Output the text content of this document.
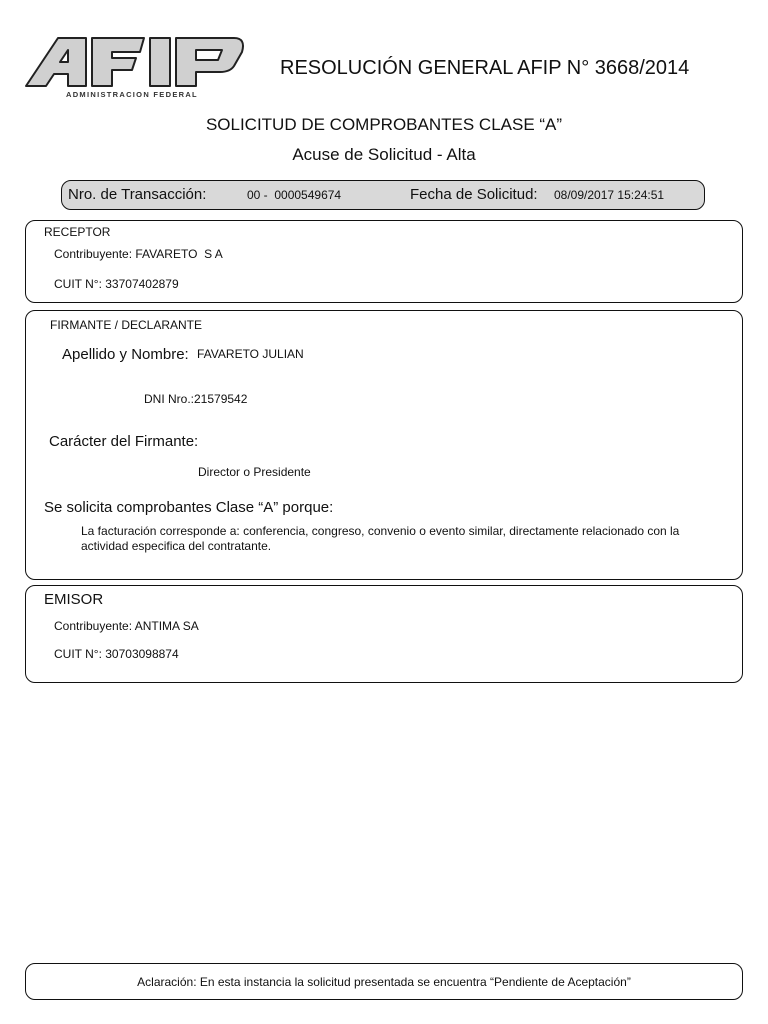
ADMINISTRACION FEDERAL
RESOLUCIÓN GENERAL AFIP N° 3668/2014
SOLICITUD DE COMPROBANTES CLASE “A”
Acuse de Solicitud - Alta
Nro. de Transacción:	00 -  0000549674	Fecha de Solicitud: 08/09/2017 15:24:51
RECEPTOR
Contribuyente: FAVARETO  S A
CUIT N°: 33707402879
FIRMANTE / DECLARANTE
Apellido y Nombre: FAVARETO JULIAN
DNI Nro.:21579542
Carácter del Firmante:
Director o Presidente
Se solicita comprobantes Clase “A” porque:
La facturación corresponde a: conferencia, congreso, convenio o evento similar, directamente relacionado con la
actividad especifica del contratante.
EMISOR
Contribuyente: ANTIMA SA
CUIT N°: 30703098874
Aclaración: En esta instancia la solicitud presentada se encuentra “Pendiente de Aceptación”
